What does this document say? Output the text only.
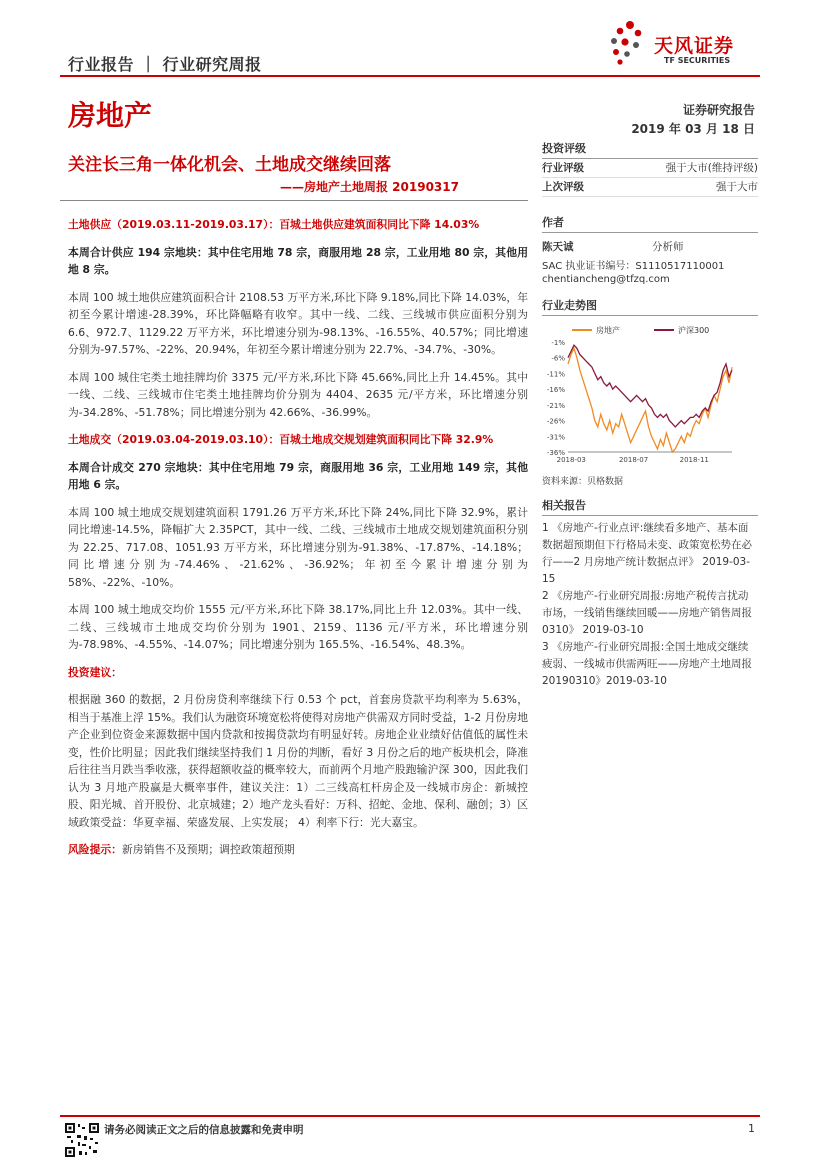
行业报告 ｜ 行业研究周报
天风证券
TF SECURITIES
房地产	证券研究报告
2019 年 03 月 18 日
关注长三角一体化机会、土地成交继续回落
——房地产土地周报 20190317

土地供应（2019.03.11-2019.03.17）：百城土地供应建筑面积同比下降 14.03%

本周合计供应 194 宗地块：其中住宅用地 78 宗，商服用地 28 宗，工业用地 80 宗，其他用地 8 宗。

本周 100 城土地供应建筑面积合计 2108.53 万平方米,环比下降 9.18%,同比下降 14.03%，年初至今累计增速-28.39%，环比降幅略有收窄。其中一线、二线、三线城市供应面积分别为 6.6、972.7、1129.22 万平方米，环比增速分别为-98.13%、-16.55%、40.57%；同比增速分别为-97.57%、-22%、20.94%，年初至今累计增速分别为 22.7%、-34.7%、-30%。

本周 100 城住宅类土地挂牌均价 3375 元/平方米,环比下降 45.66%,同比上升 14.45%。其中一线、二线、三线城市住宅类土地挂牌均价分别为 4404、2635 元/平方米，环比增速分别为-34.28%、-51.78%；同比增速分别为 42.66%、-36.99%。

土地成交（2019.03.04-2019.03.10）：百城土地成交规划建筑面积同比下降 32.9%

本周合计成交 270 宗地块：其中住宅用地 79 宗，商服用地 36 宗，工业用地 149 宗，其他用地 6 宗。

本周 100 城土地成交规划建筑面积 1791.26 万平方米,环比下降 24%,同比下降 32.9%，累计同比增速-14.5%，降幅扩大 2.35PCT，其中一线、二线、三线城市土地成交规划建筑面积分别为 22.25、717.08、1051.93 万平方米，环比增速分别为-91.38%、-17.87%、-14.18%；同比增速分别为-74.46%、-21.62%、-36.92%；年初至今累计增速分别为 58%、-22%、-10%。

本周 100 城土地成交均价 1555 元/平方米,环比下降 38.17%,同比上升 12.03%。其中一线、二线、三线城市土地成交均价分别为 1901、2159、1136 元/平方米，环比增速分别为-78.98%、-4.55%、-14.07%；同比增速分别为 165.5%、-16.54%、48.3%。

投资建议：

根据融 360 的数据，2 月份房贷利率继续下行 0.53 个 pct，首套房贷款平均利率为 5.63%，相当于基准上浮 15%。我们认为融资环境宽松将使得对房地产供需双方同时受益，1-2 月份房地产企业到位资金来源数据中国内贷款和按揭贷款均有明显好转。房地企业业绩好估值低的属性未变，性价比明显；因此我们继续坚持我们 1 月份的判断，看好 3 月份之后的地产板块机会，降准后往往当月跌当季收涨，获得超额收益的概率较大，而前两个月地产股跑输沪深 300，因此我们认为 3 月地产股赢是大概率事件，建议关注：1）二三线高杠杆房企及一线城市房企：新城控股、阳光城、首开股份、北京城建；2）地产龙头看好：万科、招蛇、金地、保利、融创；3）区域政策受益：华夏幸福、荣盛发展、上实发展； 4）利率下行：光大嘉宝。

风险提示：新房销售不及预期；调控政策超预期

投资评级
行业评级	强于大市(维持评级)
上次评级	强于大市
作者
陈天诚	分析师
SAC 执业证书编号：S1110517110001
chentiancheng@tfzq.com
行业走势图
-1%
-6%
-11%
-16%
-21%
-26%
-31%
-36%
2018-03	2018-07	2018-11
房地产	沪深300
资料来源：贝格数据
相关报告
1 《房地产-行业点评:继续看多地产、基本面数据超预期但下行格局未变、政策宽松势在必行——2 月房地产统计数据点评》 2019-03-15
2 《房地产-行业研究周报:房地产税传言扰动市场，一线销售继续回暖——房地产销售周报 0310》 2019-03-10
3 《房地产-行业研究周报:全国土地成交继续疲弱、一线城市供需两旺——房地产土地周报 20190310》2019-03-10
请务必阅读正文之后的信息披露和免责申明	1
